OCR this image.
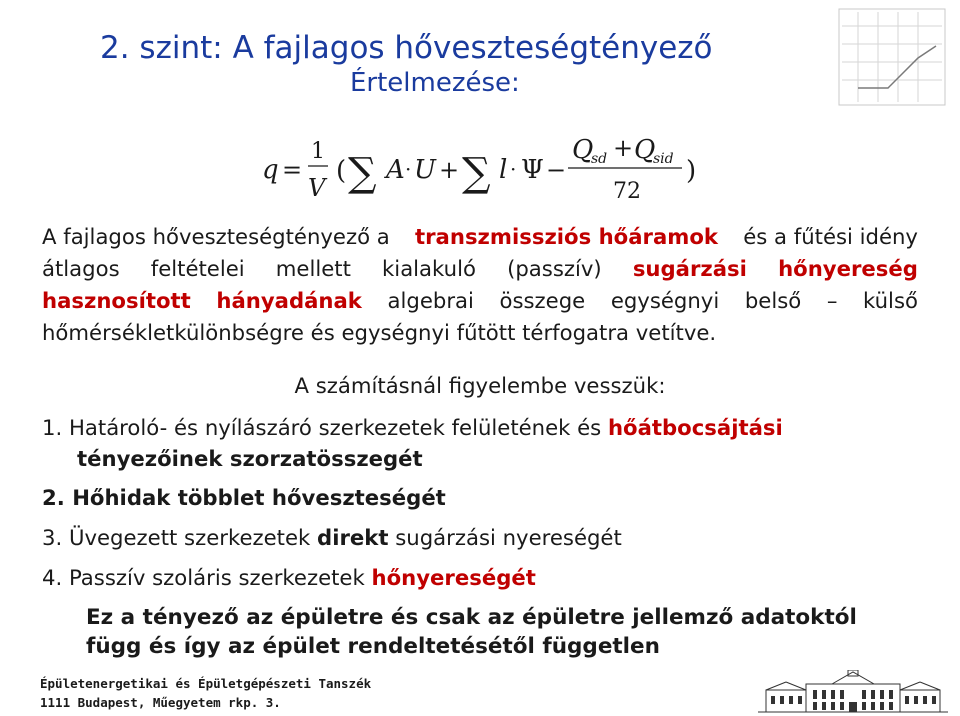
2. szint: A fajlagos hőveszteségtényező
Értelmezése:
q =
1
V
( ∑ A · U + ∑ l · Ψ −
Q
sd + Q
sid
72
)
A fajlagos hőveszteségtényező a transzmissziós hőáramok és a fűtési idény
átlagos feltételei mellett kialakuló (passzív) sugárzási hőnyereség
hasznosított hányadának algebrai összege egységnyi belső – külső
hőmérsékletkülönbségre és egységnyi fűtött térfogatra vetítve.
A számításnál figyelembe vesszük:
1. Határoló- és nyílászáró szerkezetek felületének és hőátbocsájtási
tényezőinek szorzatösszegét
2. Hőhidak többlet hőveszteségét
3. Üvegezett szerkezetek direkt sugárzási nyereségét
4. Passzív szoláris szerkezetek hőnyereségét
Ez a tényező az épületre és csak az épületre jellemző adatoktól függ és így az épület rendeltetésétől független
Épületenergetikai és Épületgépészeti Tanszék
1111 Budapest, Műegyetem rkp. 3.
